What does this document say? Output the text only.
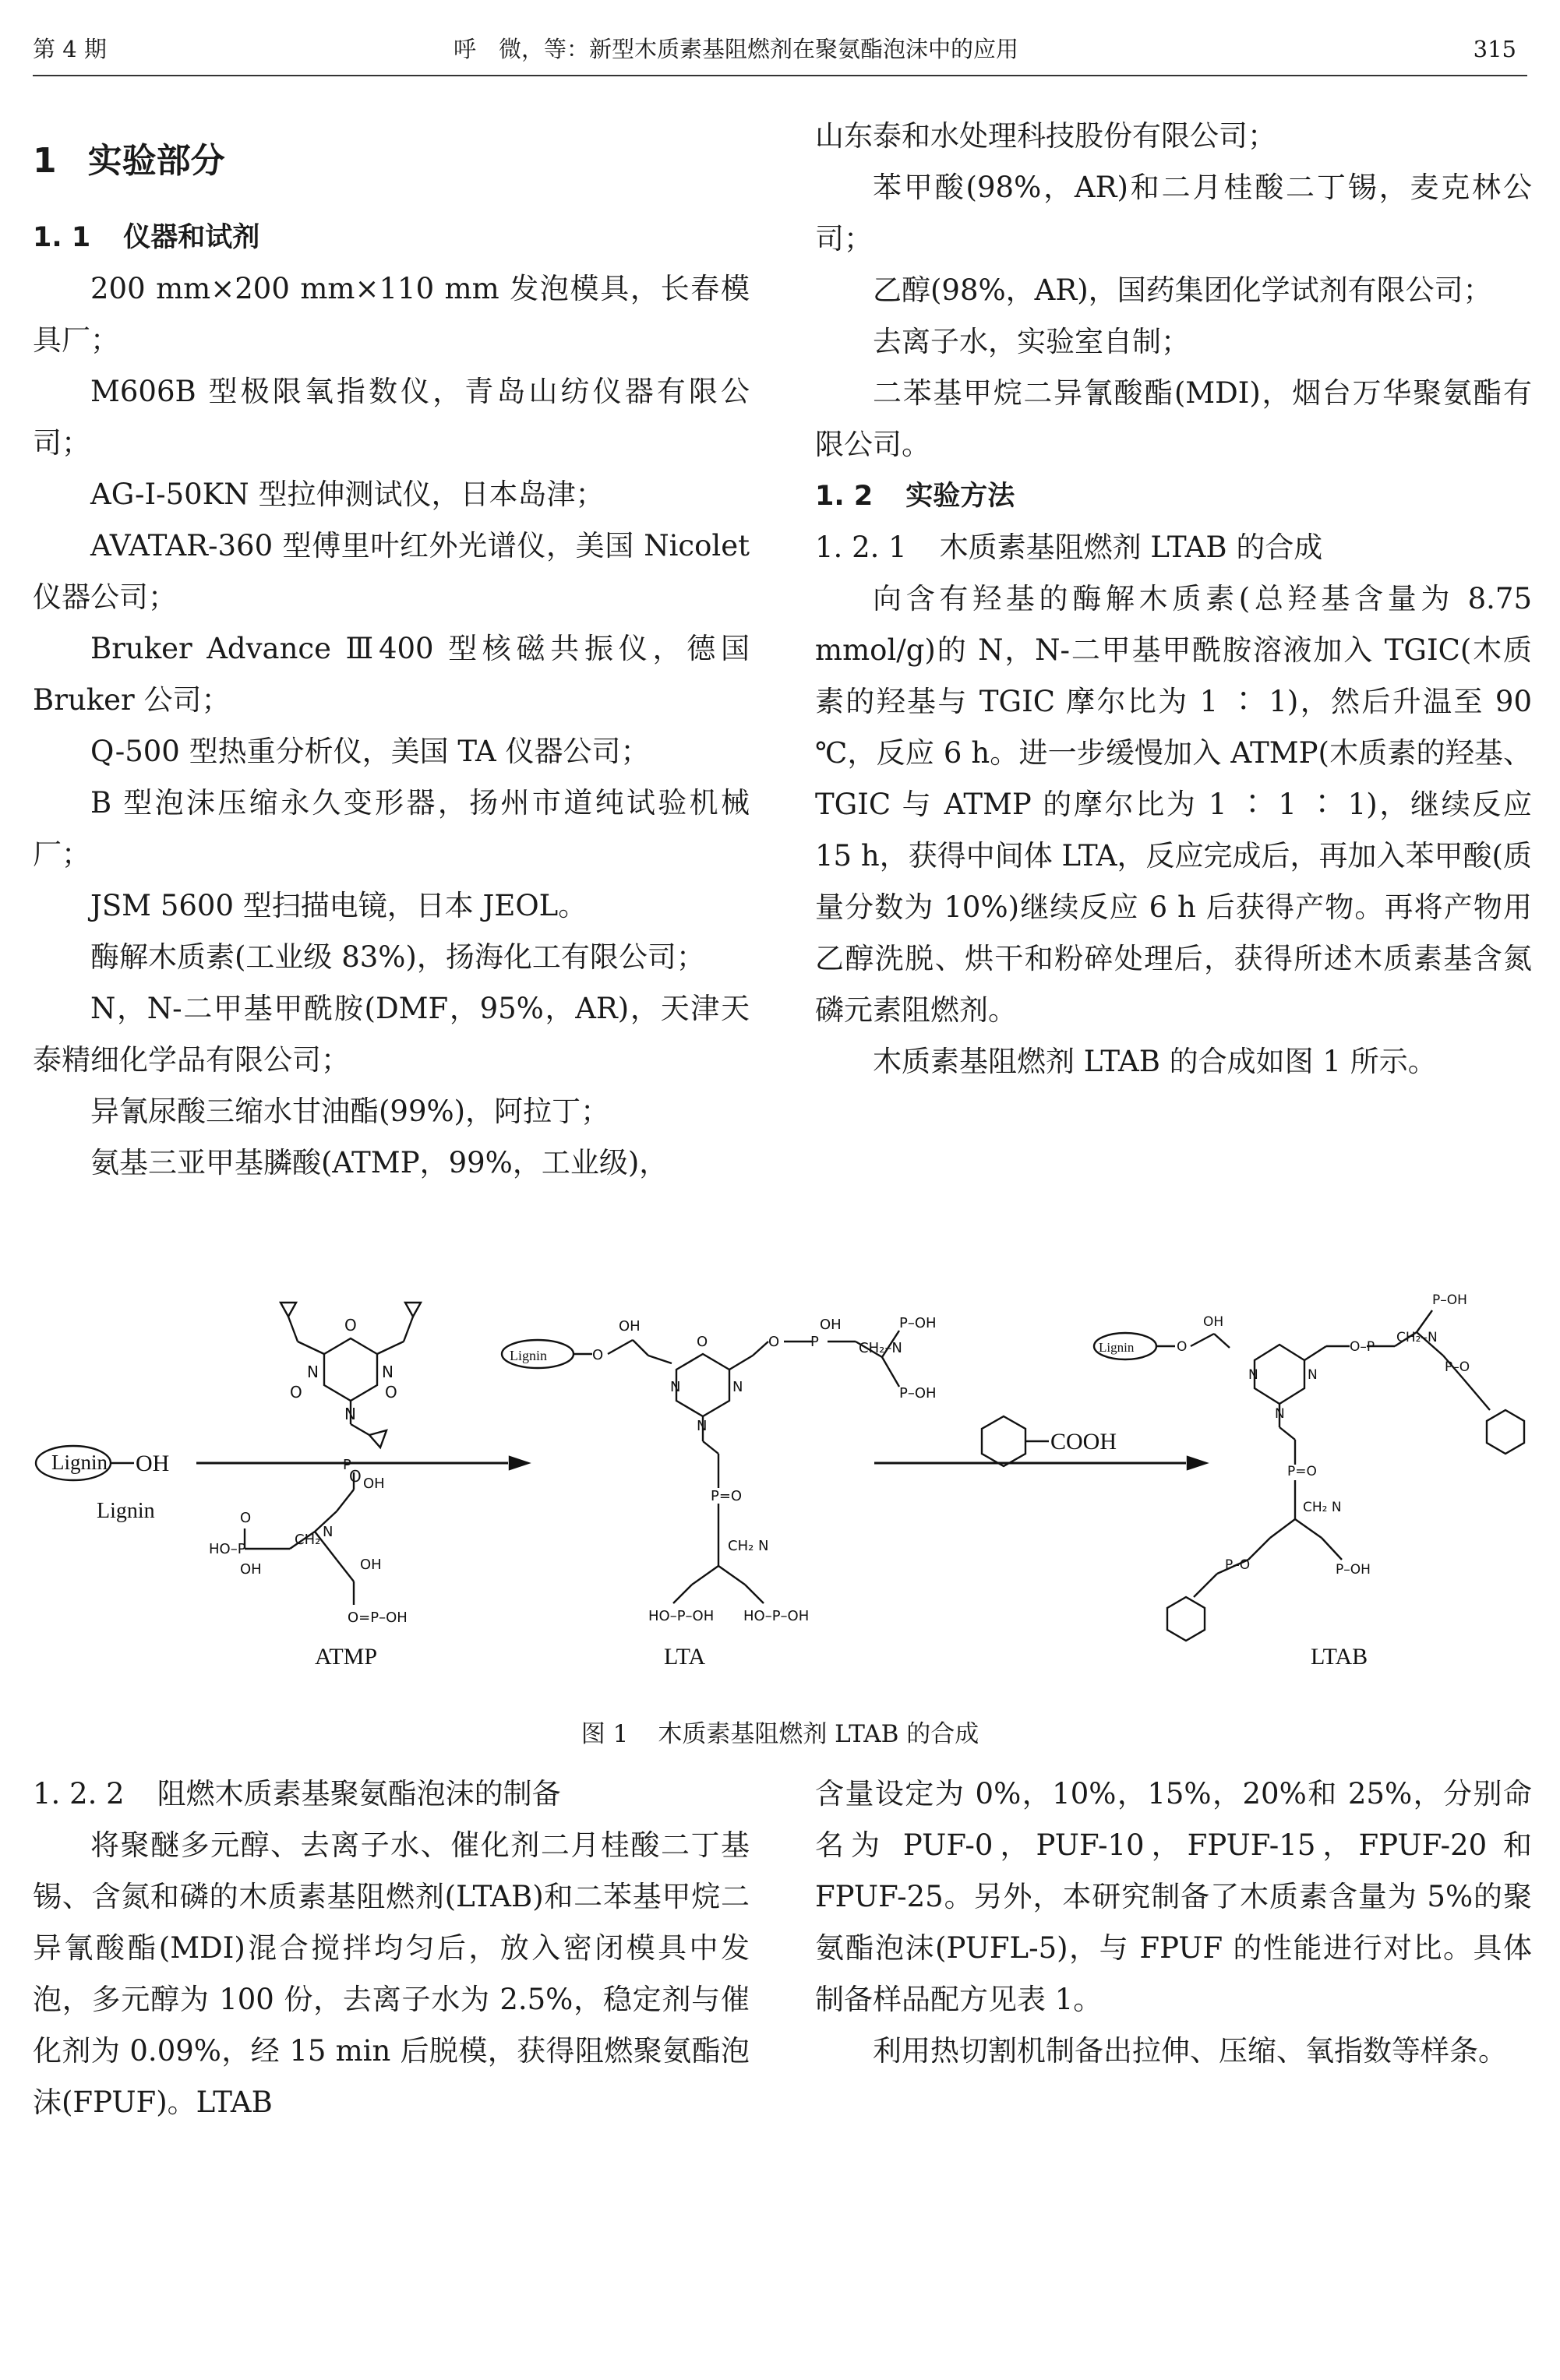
第 4 期	呼　微，等：新型木质素基阻燃剂在聚氨酯泡沫中的应用	315
1 实验部分
1. 1 仪器和试剂

200 mm×200 mm×110 mm 发泡模具，长春模具厂；

M606B 型极限氧指数仪，青岛山纺仪器有限公司；

AG-I-50KN 型拉伸测试仪，日本岛津；

AVATAR-360 型傅里叶红外光谱仪，美国 Nicolet 仪器公司；

Bruker Advance Ⅲ400 型核磁共振仪，德国 Bruker 公司；

Q-500 型热重分析仪，美国 TA 仪器公司；

B 型泡沫压缩永久变形器，扬州市道纯试验机械厂；

JSM 5600 型扫描电镜，日本 JEOL。

酶解木质素(工业级 83%)，扬海化工有限公司；

N，N-二甲基甲酰胺(DMF，95%，AR)，天津天泰精细化学品有限公司；

异氰尿酸三缩水甘油酯(99%)，阿拉丁；

氨基三亚甲基膦酸(ATMP，99%，工业级)，

山东泰和水处理科技股份有限公司；

苯甲酸(98%，AR)和二月桂酸二丁锡，麦克林公司；

乙醇(98%，AR)，国药集团化学试剂有限公司；

去离子水，实验室自制；

二苯基甲烷二异氰酸酯(MDI)，烟台万华聚氨酯有限公司。

1. 2 实验方法
1. 2. 1 木质素基阻燃剂 LTAB 的合成

向含有羟基的酶解木质素(总羟基含量为 8.75 mmol/g)的 N，N-二甲基甲酰胺溶液加入 TGIC(木质素的羟基与 TGIC 摩尔比为 1 ∶ 1)，然后升温至 90 ℃，反应 6 h。进一步缓慢加入 ATMP(木质素的羟基、TGIC 与 ATMP 的摩尔比为 1 ∶ 1 ∶ 1)，继续反应 15 h，获得中间体 LTA，反应完成后，再加入苯甲酸(质量分数为 10%)继续反应 6 h 后获得产物。再将产物用乙醇洗脱、烘干和粉碎处理后，获得所述木质素基含氮磷元素阻燃剂。

木质素基阻燃剂 LTAB 的合成如图 1 所示。

O
N	N
N
O	O
O
P
OH
HO–P
O
OH
CH₂ N
OH
O=P–OH
O
OH
O
N	N
N
O P
OH
CH₂–N
P–OH
P–OH
P=O
CH₂ N
HO–P–OH HO–P–OH
O
OH
N	N
N
O–P
CH₂–N
P–OH
P–O
P=O
CH₂ N
P–O	P–OH
Lignin OH
Lignin
Lignin
Lignin
COOH
ATMP	LTA	LTAB
图 1 木质素基阻燃剂 LTAB 的合成
1. 2. 2 阻燃木质素基聚氨酯泡沫的制备

将聚醚多元醇、去离子水、催化剂二月桂酸二丁基锡、含氮和磷的木质素基阻燃剂(LTAB)和二苯基甲烷二异氰酸酯(MDI)混合搅拌均匀后，放入密闭模具中发泡，多元醇为 100 份，去离子水为 2.5%，稳定剂与催化剂为 0.09%，经 15 min 后脱模，获得阻燃聚氨酯泡沫(FPUF)。LTAB

含量设定为 0%，10%，15%，20%和 25%，分别命名为 PUF-0，PUF-10，FPUF-15，FPUF-20 和 FPUF-25。另外，本研究制备了木质素含量为 5%的聚氨酯泡沫(PUFL-5)，与 FPUF 的性能进行对比。具体制备样品配方见表 1。

利用热切割机制备出拉伸、压缩、氧指数等样条。
